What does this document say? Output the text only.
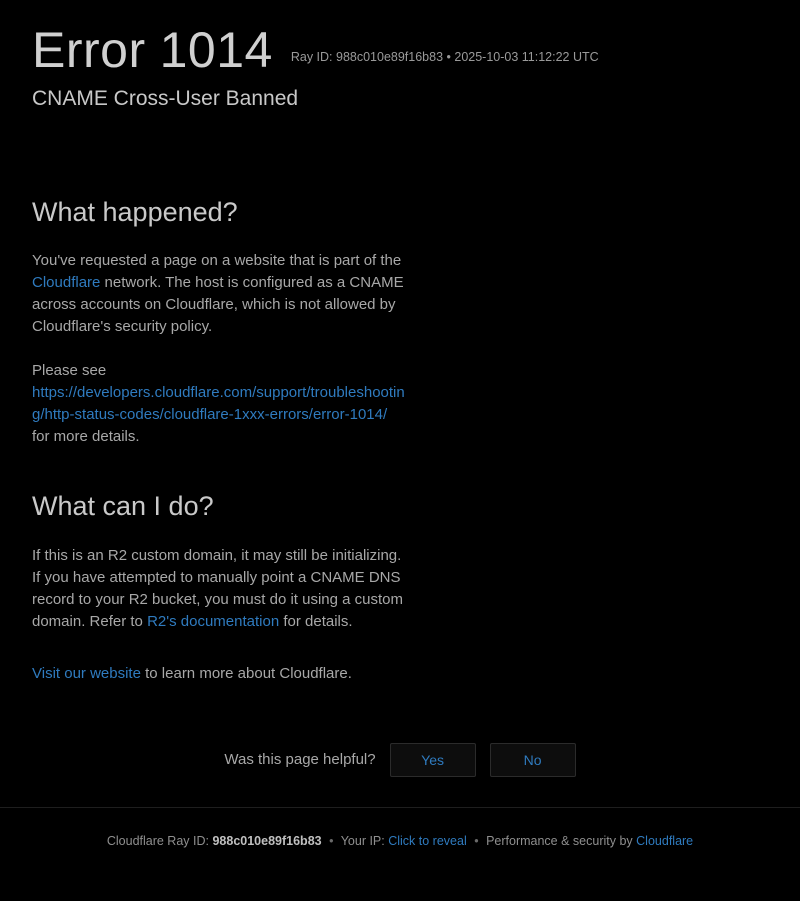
Error 1014 Ray ID: 988c010e89f16b83 • 2025-10-03 11:12:22 UTC
CNAME Cross-User Banned
What happened?

You've requested a page on a website that is part of the Cloudflare network. The host is configured as a CNAME across accounts on Cloudflare, which is not allowed by Cloudflare's security policy.

Please see
https://developers.cloudflare.com/support/troubleshooting/http-status-codes/cloudflare-1xxx-errors/error-1014/
for more details.

What can I do?

If this is an R2 custom domain, it may still be initializing. If you have attempted to manually point a CNAME DNS record to your R2 bucket, you must do it using a custom domain. Refer to R2's documentation for details.

Visit our website to learn more about Cloudflare.

Was this page helpful?	Yes	No
Cloudflare Ray ID: 988c010e89f16b83 • Your IP: Click to reveal • Performance & security by Cloudflare
